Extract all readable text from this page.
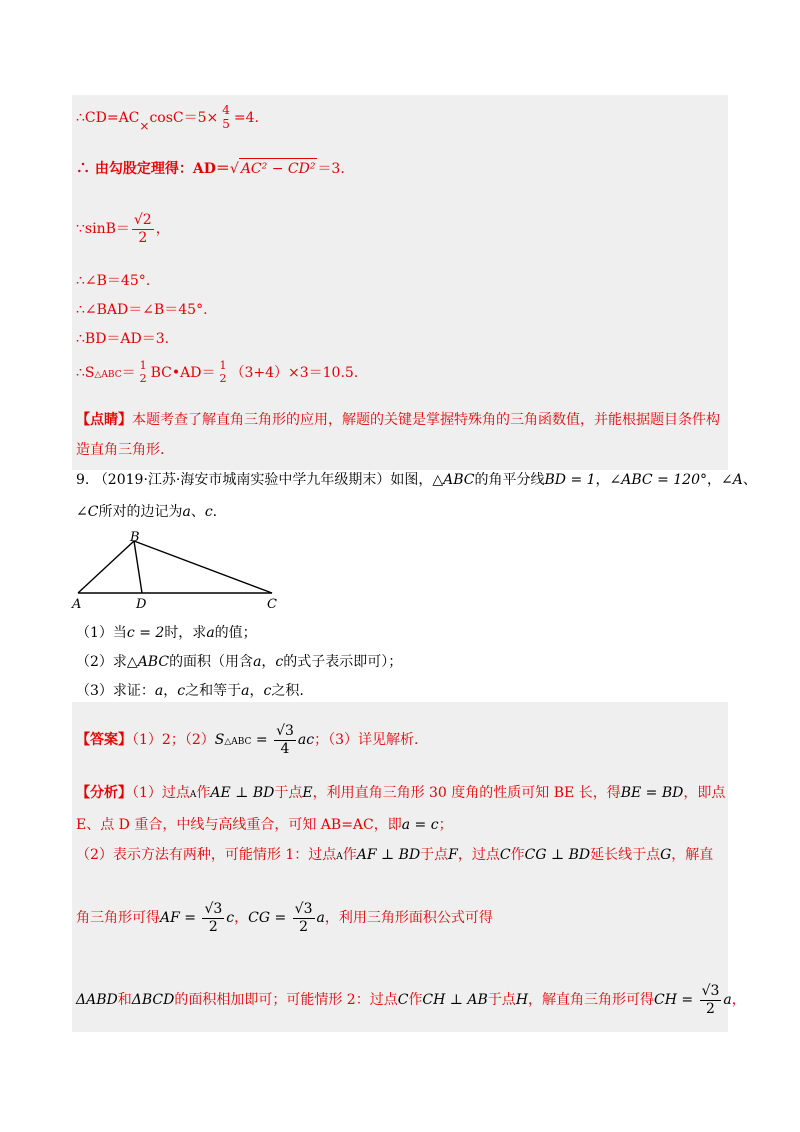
∴CD=AC×cosC＝5× 4
5 =4.
∴ 由勾股定理得：AD＝√ AC² − CD² ＝3.
∵sinB＝ $\frac{√2}{2}$ ，
∴∠B＝45°.
∴∠BAD＝∠B＝45°.
∴BD＝AD＝3.
∴S△ABC＝ 1
2 BC•AD＝ 1
2 （3+4）×3＝10.5.
【点睛】本题考查了解直角三角形的应用，解题的关键是掌握特殊角的三角函数值，并能根据题目条件构
造直角三角形.
9. （2019·江苏·海安市城南实验中学九年级期末）如图，△ABC的角平分线BD = 1，∠ABC = 120°，∠A、
∠C所对的边记为a、c.
A
B
C
D
（1）当c = 2时，求a的值；
（2）求△ABC的面积（用含a，c的式子表示即可）；
（3）求证：a，c之和等于a，c之积.
【答案】（1）2；（2）S△ABC = $\frac{√3}{4}$ ac；（3）详见解析.
【分析】（1）过点A作AE ⊥ BD于点E，利用直角三角形 30 度角的性质可知 BE 长，得BE = BD，即点
E、点 D 重合，中线与高线重合，可知 AB=AC，即a = c；
（2）表示方法有两种，可能情形 1：过点A作AF ⊥ BD于点F，过点C作CG ⊥ BD延长线于点G，解直
角三角形可得AF = $\frac{√3}{2}$ c，CG = $\frac{√3}{2}$ a，利用三角形面积公式可得
ΔABD和ΔBCD的面积相加即可；可能情形 2：过点C作CH ⊥ AB于点H，解直角三角形可得CH = $\frac{√3}{2}$ a，
